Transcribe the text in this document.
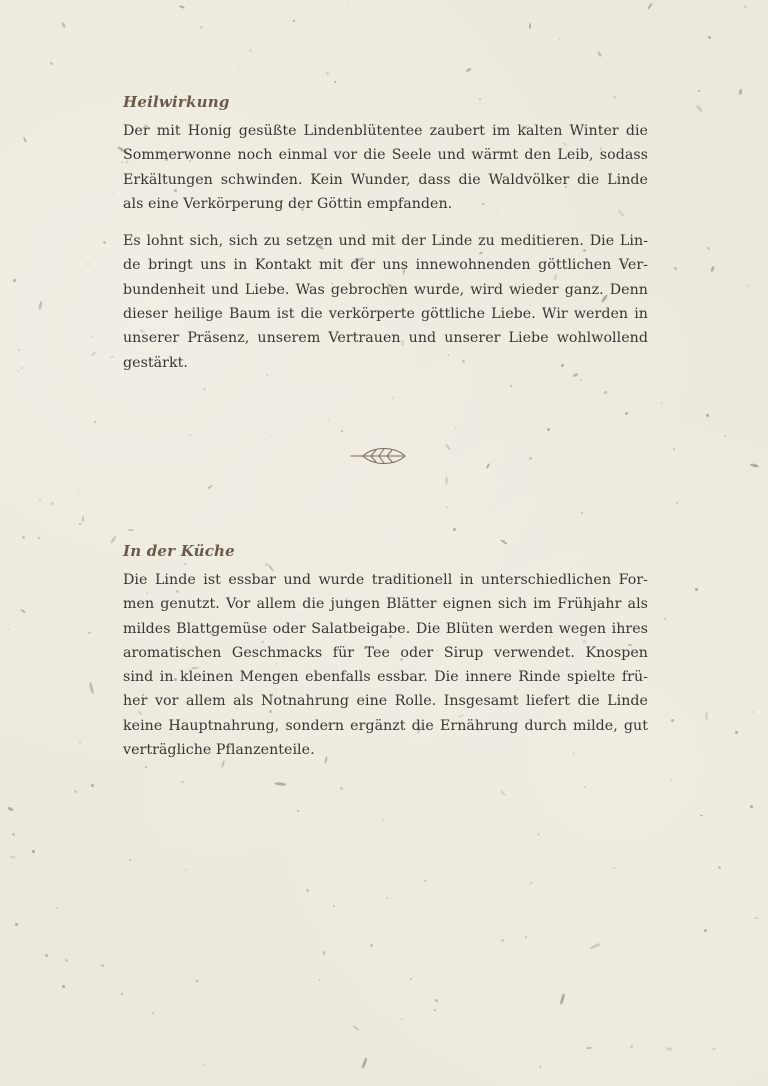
Heilwirkung

Der mit Honig gesüßte Lindenblütentee zaubert im kalten Winter die
Sommerwonne noch einmal vor die Seele und wärmt den Leib, sodass
Erkältungen schwinden. Kein Wunder, dass die Waldvölker die Linde
als eine Verkörperung der Göttin empfanden.

Es lohnt sich, sich zu setzen und mit der Linde zu meditieren. Die Lin-
de bringt uns in Kontakt mit der uns innewohnenden göttlichen Ver-
bundenheit und Liebe. Was gebrochen wurde, wird wieder ganz. Denn
dieser heilige Baum ist die verkörperte göttliche Liebe. Wir werden in
unserer Präsenz, unserem Vertrauen und unserer Liebe wohlwollend
gestärkt.

In der Küche

Die Linde ist essbar und wurde traditionell in unterschiedlichen For-
men genutzt. Vor allem die jungen Blätter eignen sich im Frühjahr als
mildes Blattgemüse oder Salatbeigabe. Die Blüten werden wegen ihres
aromatischen Geschmacks für Tee oder Sirup verwendet. Knospen
sind in kleinen Mengen ebenfalls essbar. Die innere Rinde spielte frü-
her vor allem als Notnahrung eine Rolle. Insgesamt liefert die Linde
keine Hauptnahrung, sondern ergänzt die Ernährung durch milde, gut
verträgliche Pflanzenteile.
